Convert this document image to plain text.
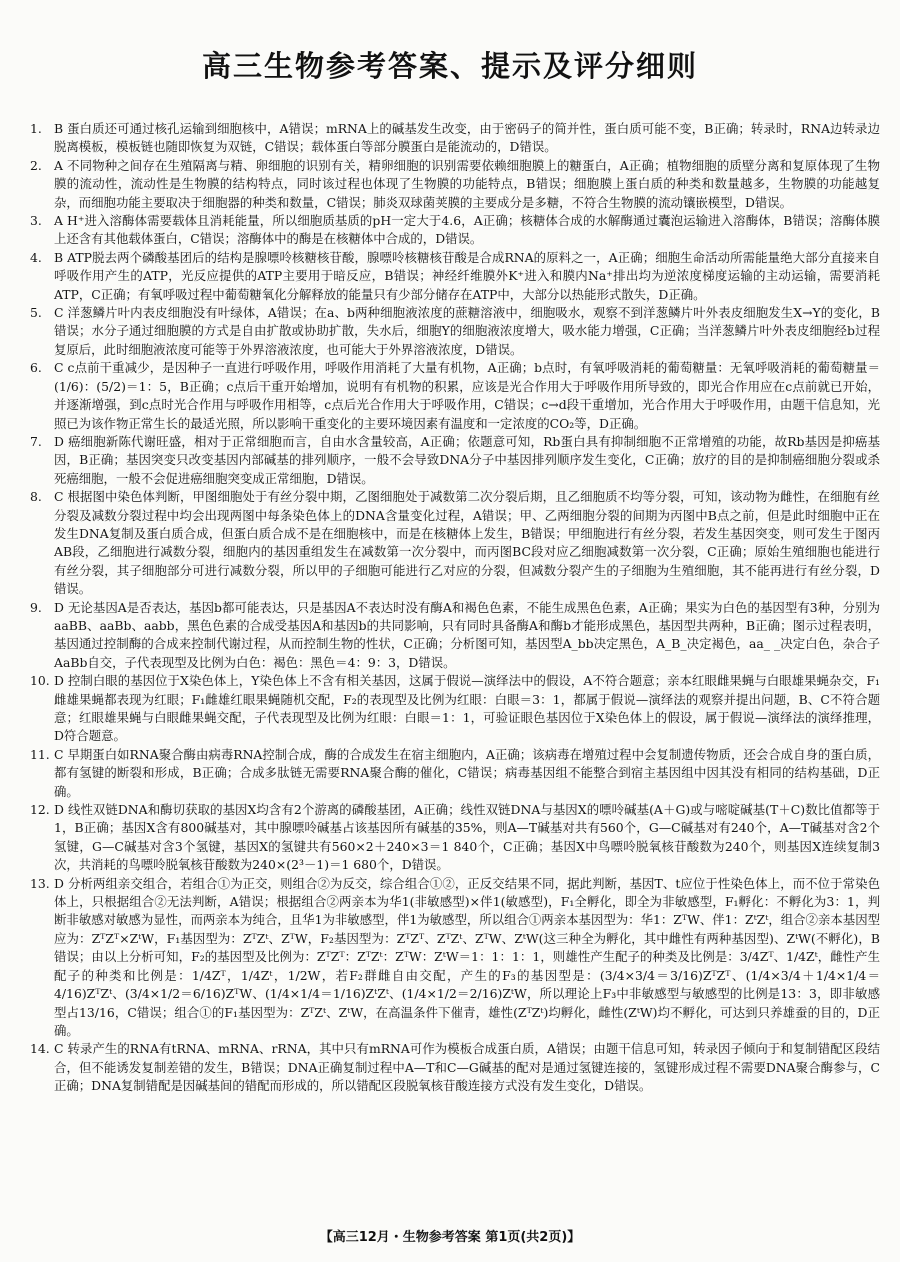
高三生物参考答案、提示及评分细则
1. B 蛋白质还可通过核孔运输到细胞核中，A错误；mRNA上的碱基发生改变，由于密码子的简并性，蛋白质可能不变，B正确；转录时，RNA边转录边脱离模板，模板链也随即恢复为双链，C错误；载体蛋白等部分膜蛋白是能流动的，D错误。
2. A 不同物种之间存在生殖隔离与精、卵细胞的识别有关，精卵细胞的识别需要依赖细胞膜上的糖蛋白，A正确；植物细胞的质壁分离和复原体现了生物膜的流动性，流动性是生物膜的结构特点，同时该过程也体现了生物膜的功能特点，B错误；细胞膜上蛋白质的种类和数量越多，生物膜的功能越复杂，而细胞功能主要取决于细胞器的种类和数量，C错误；肺炎双球菌荚膜的主要成分是多糖，不符合生物膜的流动镶嵌模型，D错误。
3. A H⁺进入溶酶体需要载体且消耗能量，所以细胞质基质的pH一定大于4.6，A正确；核糖体合成的水解酶通过囊泡运输进入溶酶体，B错误；溶酶体膜上还含有其他载体蛋白，C错误；溶酶体中的酶是在核糖体中合成的，D错误。
4. B ATP脱去两个磷酸基团后的结构是腺嘌呤核糖核苷酸，腺嘌呤核糖核苷酸是合成RNA的原料之一，A正确；细胞生命活动所需能量绝大部分直接来自呼吸作用产生的ATP，光反应提供的ATP主要用于暗反应，B错误；神经纤维膜外K⁺进入和膜内Na⁺排出均为逆浓度梯度运输的主动运输，需要消耗ATP，C正确；有氧呼吸过程中葡萄糖氧化分解释放的能量只有少部分储存在ATP中，大部分以热能形式散失，D正确。
5. C 洋葱鳞片叶内表皮细胞没有叶绿体，A错误；在a、b两种细胞液浓度的蔗糖溶液中，细胞吸水，观察不到洋葱鳞片叶外表皮细胞发生X→Y的变化，B错误；水分子通过细胞膜的方式是自由扩散或协助扩散，失水后，细胞Y的细胞液浓度增大，吸水能力增强，C正确；当洋葱鳞片叶外表皮细胞经b过程复原后，此时细胞液浓度可能等于外界溶液浓度，也可能大于外界溶液浓度，D错误。
6. C c点前干重减少，是因种子一直进行呼吸作用，呼吸作用消耗了大量有机物，A正确；b点时，有氧呼吸消耗的葡萄糖量：无氧呼吸消耗的葡萄糖量＝(1/6)：(5/2)＝1：5，B正确；c点后干重开始增加，说明有有机物的积累，应该是光合作用大于呼吸作用所导致的，即光合作用应在c点前就已开始，并逐渐增强，到c点时光合作用与呼吸作用相等，c点后光合作用大于呼吸作用，C错误；c→d段干重增加，光合作用大于呼吸作用，由题干信息知，光照已为该作物正常生长的最适光照，所以影响干重变化的主要环境因素有温度和一定浓度的CO₂等，D正确。
7. D 癌细胞新陈代谢旺盛，相对于正常细胞而言，自由水含量较高，A正确；依题意可知，Rb蛋白具有抑制细胞不正常增殖的功能，故Rb基因是抑癌基因，B正确；基因突变只改变基因内部碱基的排列顺序，一般不会导致DNA分子中基因排列顺序发生变化，C正确；放疗的目的是抑制癌细胞分裂或杀死癌细胞，一般不会促进癌细胞突变成正常细胞，D错误。
8. C 根据图中染色体判断，甲图细胞处于有丝分裂中期，乙图细胞处于减数第二次分裂后期，且乙细胞质不均等分裂，可知，该动物为雌性，在细胞有丝分裂及减数分裂过程中均会出现两图中每条染色体上的DNA含量变化过程，A错误；甲、乙两细胞分裂的间期为丙图中B点之前，但是此时细胞中正在发生DNA复制及蛋白质合成，但蛋白质合成不是在细胞核中，而是在核糖体上发生，B错误；甲细胞进行有丝分裂，若发生基因突变，则可发生于图丙AB段，乙细胞进行减数分裂，细胞内的基因重组发生在减数第一次分裂中，而丙图BC段对应乙细胞减数第一次分裂，C正确；原始生殖细胞也能进行有丝分裂，其子细胞部分可进行减数分裂，所以甲的子细胞可能进行乙对应的分裂，但减数分裂产生的子细胞为生殖细胞，其不能再进行有丝分裂，D错误。
9. D 无论基因A是否表达，基因b都可能表达，只是基因A不表达时没有酶A和褐色色素，不能生成黑色色素，A正确；果实为白色的基因型有3种，分别为aaBB、aaBb、aabb，黑色色素的合成受基因A和基因b的共同影响，只有同时具备酶A和酶b才能形成黑色，基因型共两种，B正确；图示过程表明，基因通过控制酶的合成来控制代谢过程，从而控制生物的性状，C正确；分析图可知，基因型A_bb决定黑色，A_B_决定褐色，aa_ _决定白色，杂合子AaBb自交，子代表现型及比例为白色：褐色：黑色＝4：9：3，D错误。
10. D 控制白眼的基因位于X染色体上，Y染色体上不含有相关基因，这属于假说—演绎法中的假设，A不符合题意；亲本红眼雌果蝇与白眼雄果蝇杂交，F₁雌雄果蝇都表现为红眼；F₁雌雄红眼果蝇随机交配，F₂的表现型及比例为红眼：白眼＝3：1，都属于假说—演绎法的观察并提出问题，B、C不符合题意；红眼雄果蝇与白眼雌果蝇交配，子代表现型及比例为红眼：白眼＝1：1，可验证眼色基因位于X染色体上的假设，属于假说—演绎法的演绎推理，D符合题意。
11. C 早期蛋白如RNA聚合酶由病毒RNA控制合成，酶的合成发生在宿主细胞内，A正确；该病毒在增殖过程中会复制遗传物质，还会合成自身的蛋白质，都有氢键的断裂和形成，B正确；合成多肽链无需要RNA聚合酶的催化，C错误；病毒基因组不能整合到宿主基因组中因其没有相同的结构基础，D正确。
12. D 线性双链DNA和酶切获取的基因X均含有2个游离的磷酸基团，A正确；线性双链DNA与基因X的嘌呤碱基(A＋G)或与嘧啶碱基(T＋C)数比值都等于1，B正确；基因X含有800碱基对，其中腺嘌呤碱基占该基因所有碱基的35%，则A—T碱基对共有560个，G—C碱基对有240个，A—T碱基对含2个氢键，G—C碱基对含3个氢键，基因X的氢键共有560×2＋240×3＝1 840个，C正确；基因X中鸟嘌呤脱氧核苷酸数为240个，则基因X连续复制3次，共消耗的鸟嘌呤脱氧核苷酸数为240×(2³－1)＝1 680个，D错误。
13. D 分析两组亲交组合，若组合①为正交，则组合②为反交，综合组合①②，正反交结果不同，据此判断，基因T、t应位于性染色体上，而不位于常染色体上，只根据组合②无法判断，A错误；根据组合②两亲本为华1(非敏感型)×伴1(敏感型)，F₁全孵化，即全为非敏感型，F₁孵化：不孵化为3：1，判断非敏感对敏感为显性，而两亲本为纯合，且华1为非敏感型，伴1为敏感型，所以组合①两亲本基因型为：华1：ZᵀW、伴1：ZᵗZᵗ，组合②亲本基因型应为：ZᵀZᵀ×ZᵗW，F₁基因型为：ZᵀZᵗ、ZᵀW，F₂基因型为：ZᵀZᵀ、ZᵀZᵗ、ZᵀW、ZᵗW(这三种全为孵化，其中雌性有两种基因型)、ZᵗW(不孵化)，B错误；由以上分析可知，F₂的基因型及比例为：ZᵀZᵀ：ZᵀZᵗ：ZᵀW：ZᵗW＝1：1：1：1，则雄性产生配子的种类及比例是：3/4Zᵀ、1/4Zᵗ，雌性产生配子的种类和比例是：1/4Zᵀ，1/4Zᵗ，1/2W，若F₂群雌自由交配，产生的F₃的基因型是：(3/4×3/4＝3/16)ZᵀZᵀ、(1/4×3/4＋1/4×1/4＝4/16)ZᵀZᵗ、(3/4×1/2＝6/16)ZᵀW、(1/4×1/4＝1/16)ZᵗZᵗ、(1/4×1/2＝2/16)ZᵗW，所以理论上F₃中非敏感型与敏感型的比例是13：3，即非敏感型占13/16，C错误；组合①的F₁基因型为：ZᵀZᵗ、ZᵗW，在高温条件下催青，雄性(ZᵀZᵗ)均孵化，雌性(ZᵗW)均不孵化，可达到只养雄蚕的目的，D正确。
14. C 转录产生的RNA有tRNA、mRNA、rRNA，其中只有mRNA可作为模板合成蛋白质，A错误；由题干信息可知，转录因子倾向于和复制错配区段结合，但不能诱发复制差错的发生，B错误；DNA正确复制过程中A—T和C—G碱基的配对是通过氢键连接的，氢键形成过程不需要DNA聚合酶参与，C正确；DNA复制错配是因碱基间的错配而形成的，所以错配区段脱氧核苷酸连接方式没有发生变化，D错误。
【高三12月・生物参考答案 第1页(共2页)】
